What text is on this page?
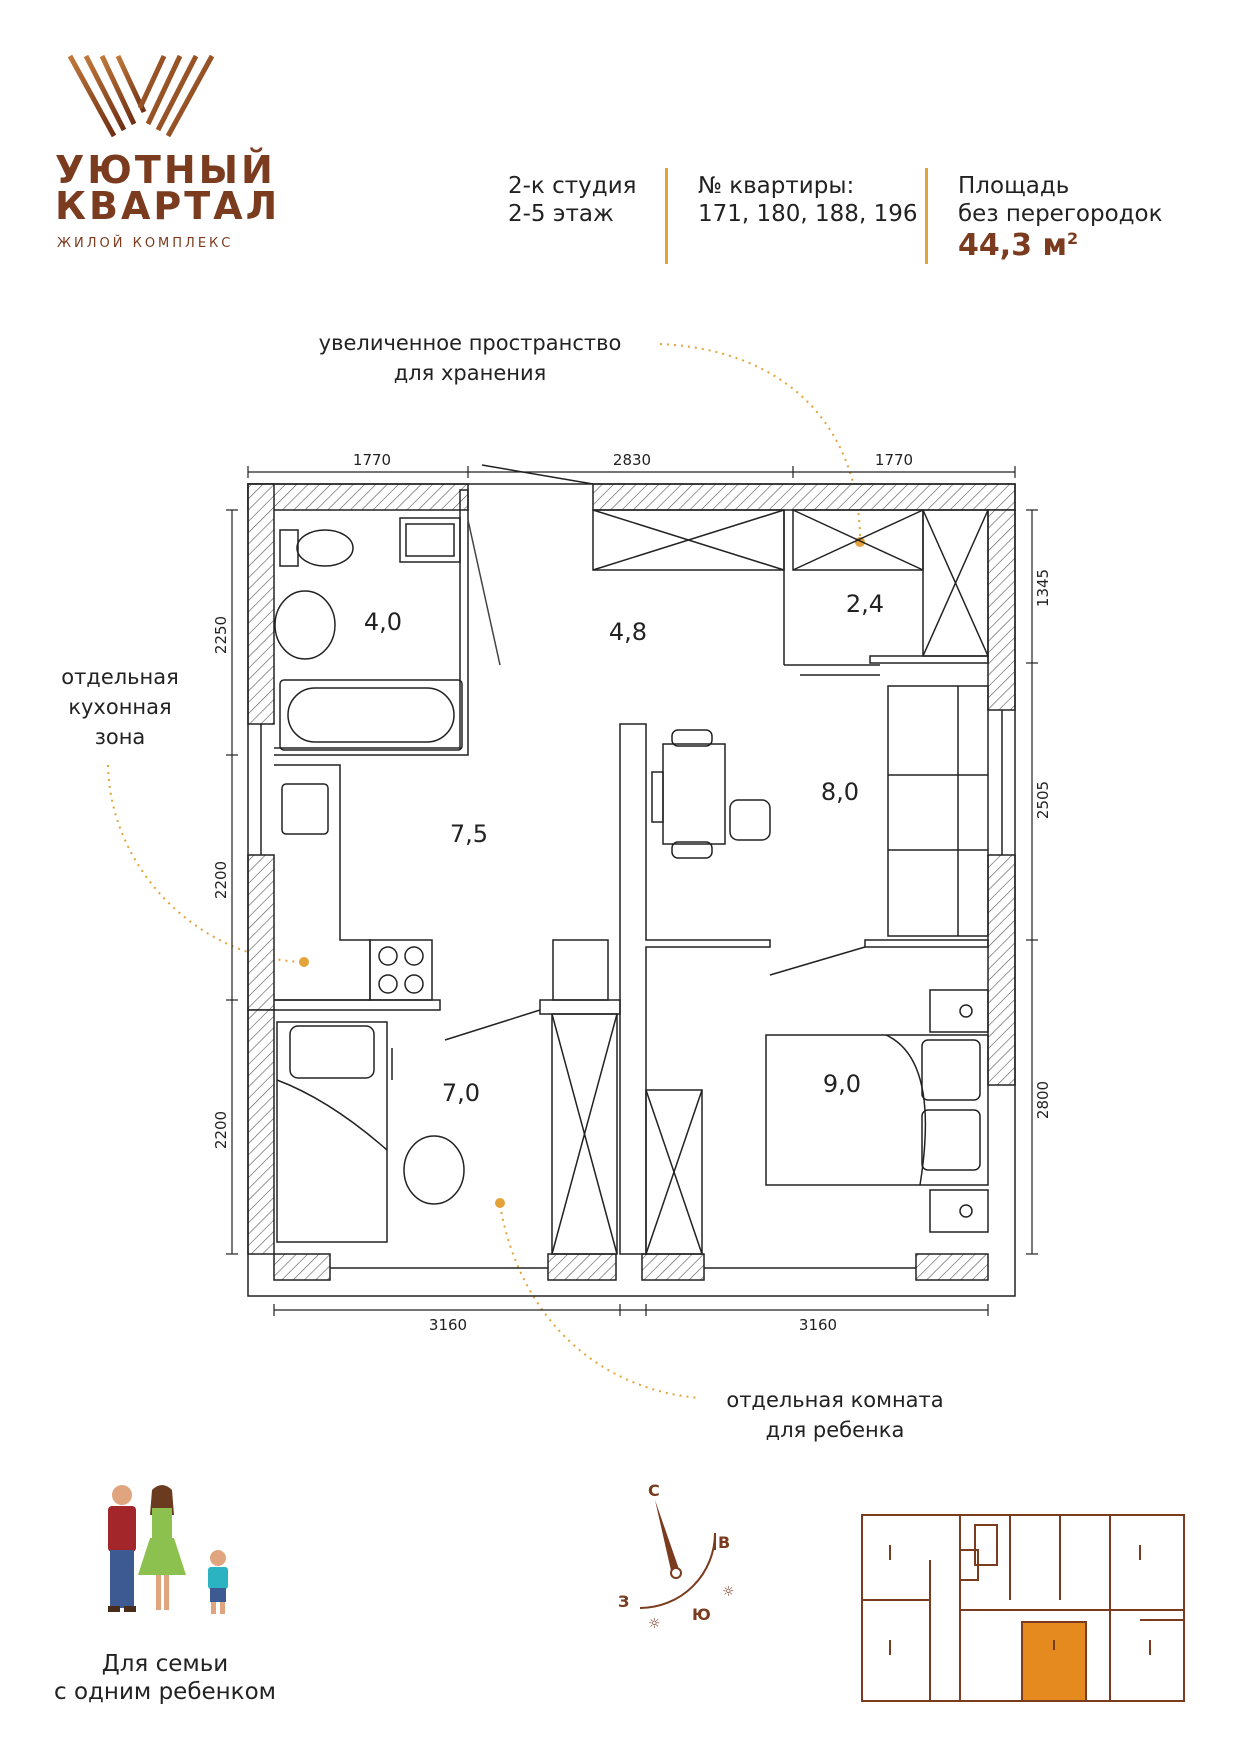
УЮТНЫЙ
КВАРТАЛ
ЖИЛОЙ КОМПЛЕКС
2-к студия
2-5 этаж
№ квартиры:
171, 180, 188, 196
Площадь
без перегородок
44,3 $м^2$
увеличенное пространство
для хранения
отдельная
кухонная
зона
отдельная комната
для ребенка
4,0	4,8
2,4
8,0
7,5
7,0	9,0
1770	2830	1770
3160	3160
2250
2200
2200
1345
2505
2800
С
В
З
Ю
☼
☼
Для семьи
с одним ребенком
